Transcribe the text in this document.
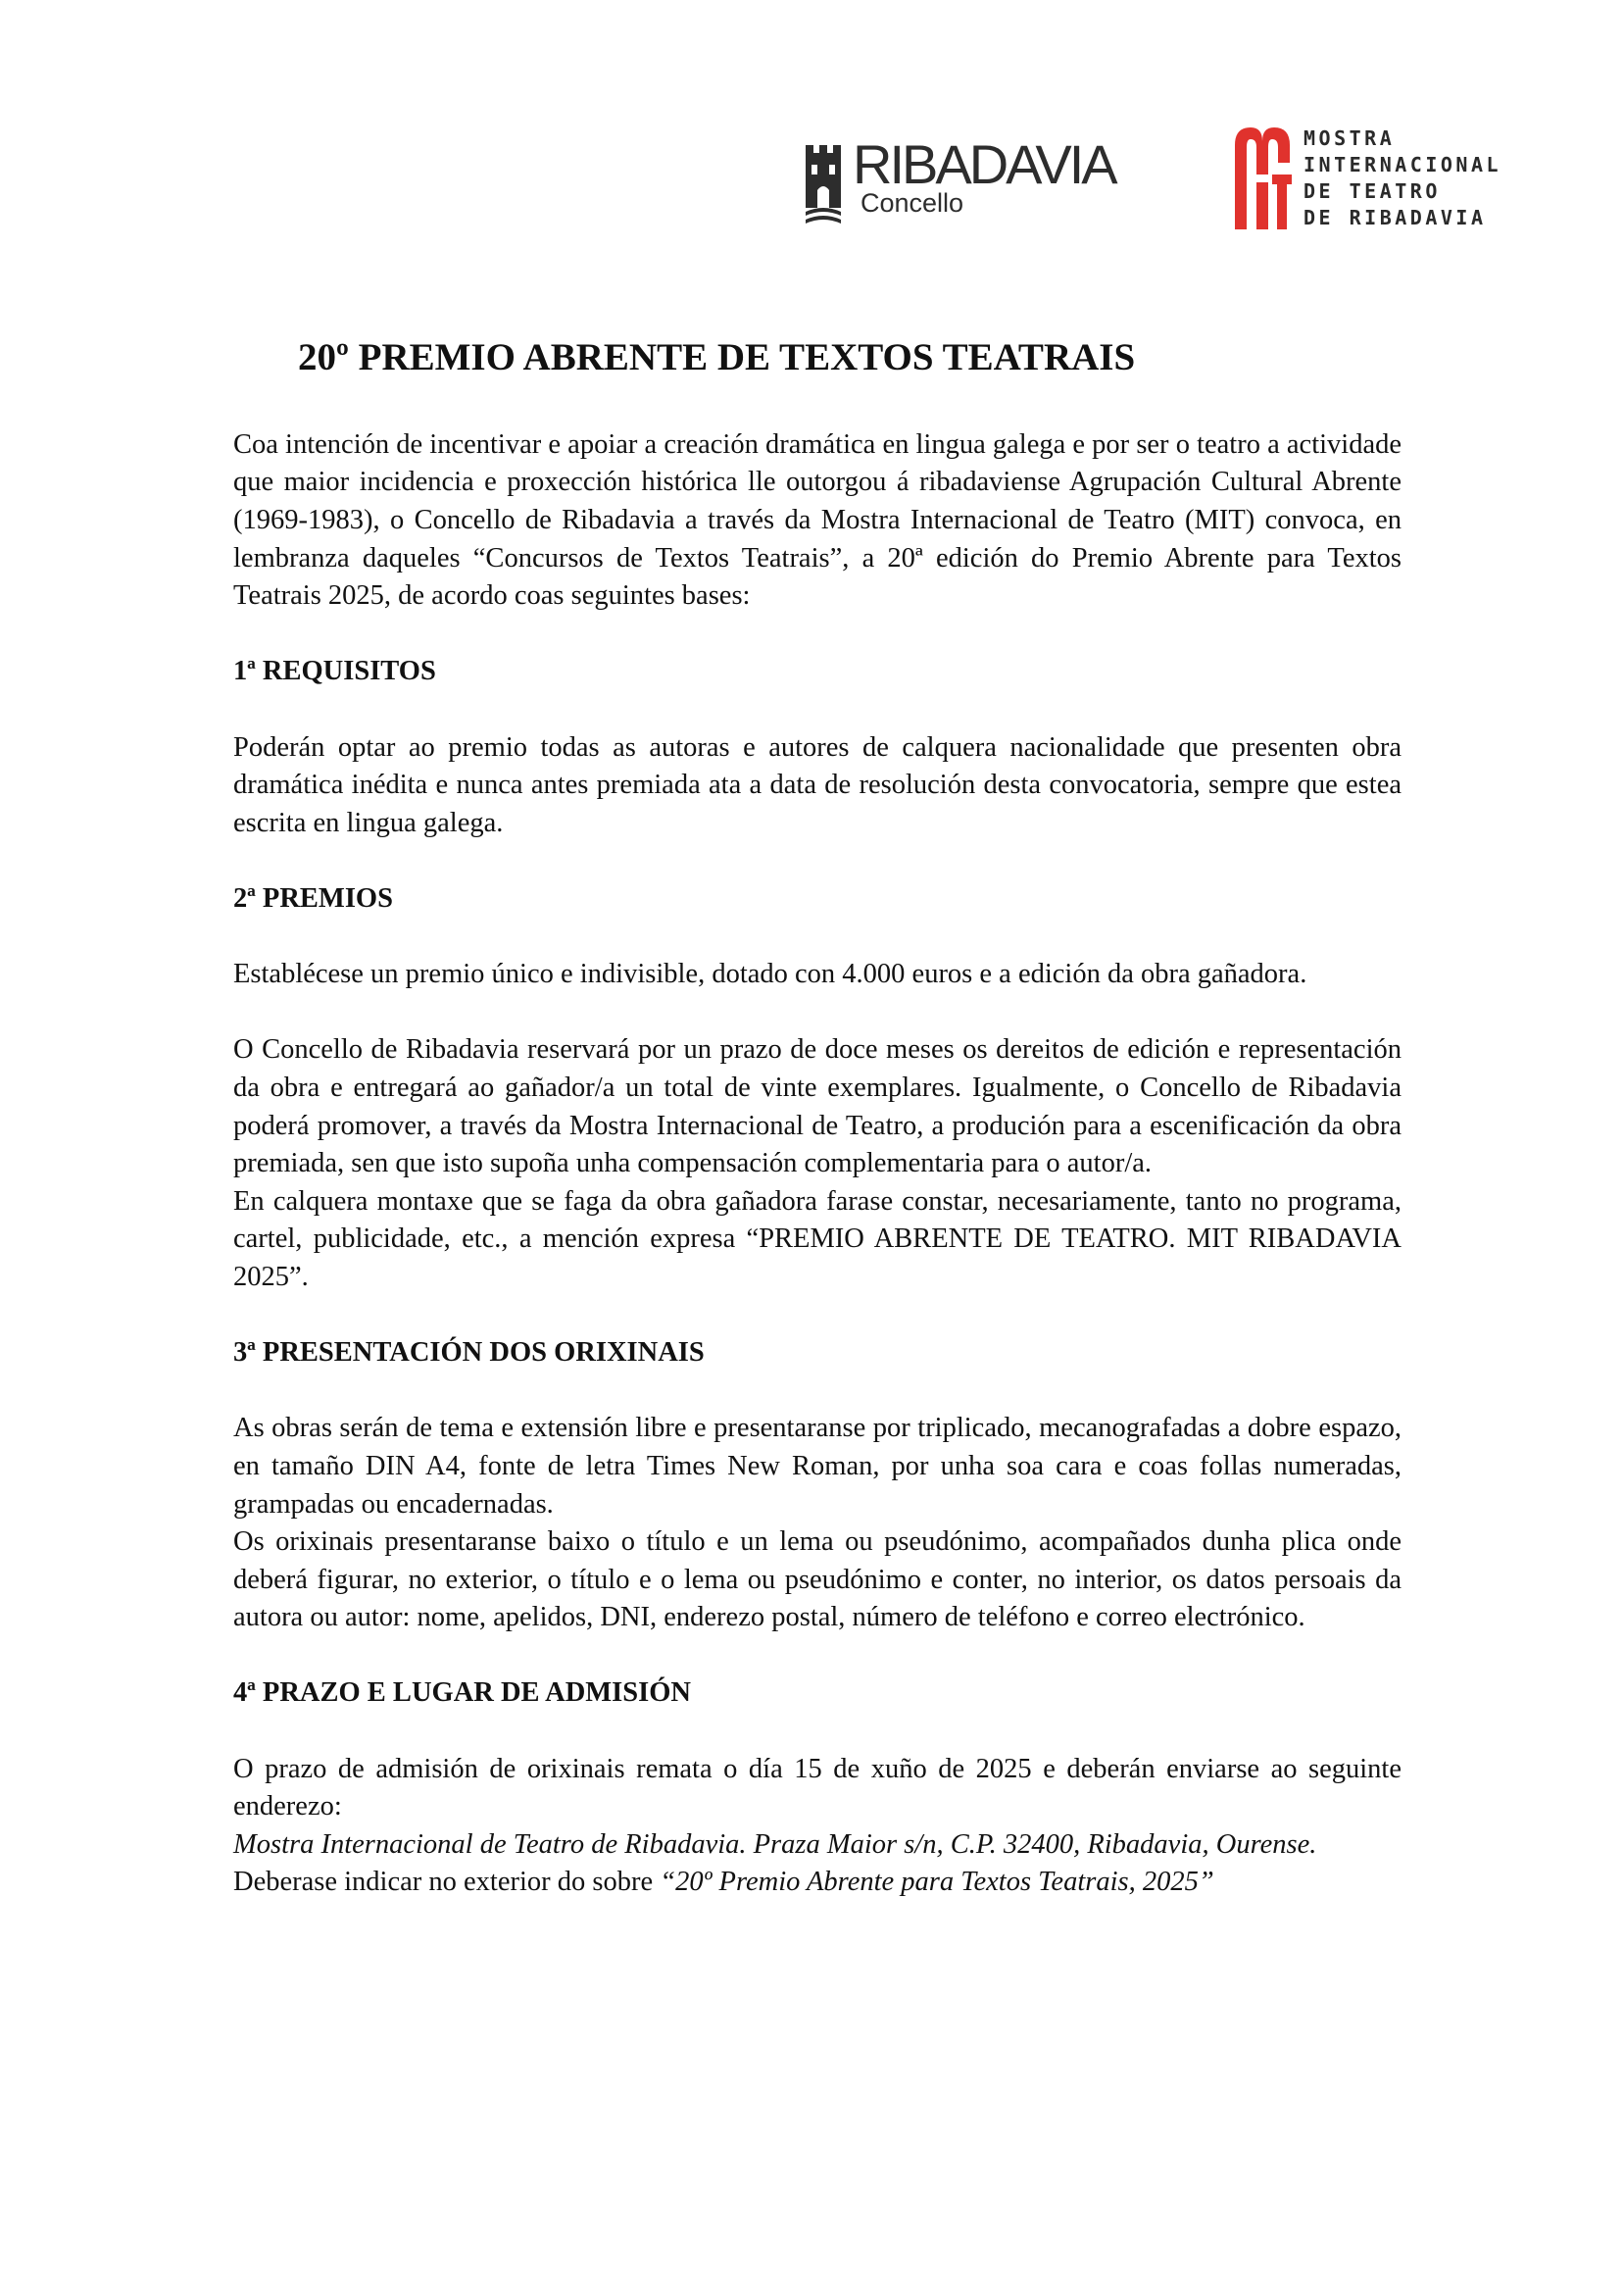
RIBADAVIA
Concello
MOSTRA
INTERNACIONAL
DE TEATRO
DE RIBADAVIA
20º PREMIO ABRENTE DE TEXTOS TEATRAIS

Coa intención de incentivar e apoiar a creación dramática en lingua galega e por ser o teatro a actividade que maior incidencia e proxección histórica lle outorgou á ribadaviense Agrupación Cultural Abrente (1969-1983), o Concello de Ribadavia a través da Mostra Internacional de Teatro (MIT) convoca, en lembranza daqueles “Concursos de Textos Teatrais”, a 20ª edición do Premio Abrente para Textos Teatrais 2025, de acordo coas seguintes bases:

1ª REQUISITOS

Poderán optar ao premio todas as autoras e autores de calquera nacionalidade que presenten obra dramática inédita e nunca antes premiada ata a data de resolución desta convocatoria, sempre que estea escrita en lingua galega.

2ª PREMIOS

Establécese un premio único e indivisible, dotado con 4.000 euros e a edición da obra gañadora.

O Concello de Ribadavia reservará por un prazo de doce meses os dereitos de edición e representación da obra e entregará ao gañador/a un total de vinte exemplares. Igualmente, o Concello de Ribadavia poderá promover, a través da Mostra Internacional de Teatro, a produción para a escenificación da obra premiada, sen que isto supoña unha compensación complementaria para o autor/a.

En calquera montaxe que se faga da obra gañadora farase constar, necesariamente, tanto no programa, cartel, publicidade, etc., a mención expresa “PREMIO ABRENTE DE TEATRO. MIT RIBADAVIA 2025”.

3ª PRESENTACIÓN DOS ORIXINAIS

As obras serán de tema e extensión libre e presentaranse por triplicado, mecanografadas a dobre espazo, en tamaño DIN A4, fonte de letra Times New Roman, por unha soa cara e coas follas numeradas, grampadas ou encadernadas.

Os orixinais presentaranse baixo o título e un lema ou pseudónimo, acompañados dunha plica onde deberá figurar, no exterior, o título e o lema ou pseudónimo e conter, no interior, os datos persoais da autora ou autor: nome, apelidos, DNI, enderezo postal, número de teléfono e correo electrónico.

4ª PRAZO E LUGAR DE ADMISIÓN

O prazo de admisión de orixinais remata o día 15 de xuño de 2025 e deberán enviarse ao seguinte enderezo:

Mostra Internacional de Teatro de Ribadavia. Praza Maior s/n, C.P. 32400, Ribadavia, Ourense.

Deberase indicar no exterior do sobre “20º Premio Abrente para Textos Teatrais, 2025”
